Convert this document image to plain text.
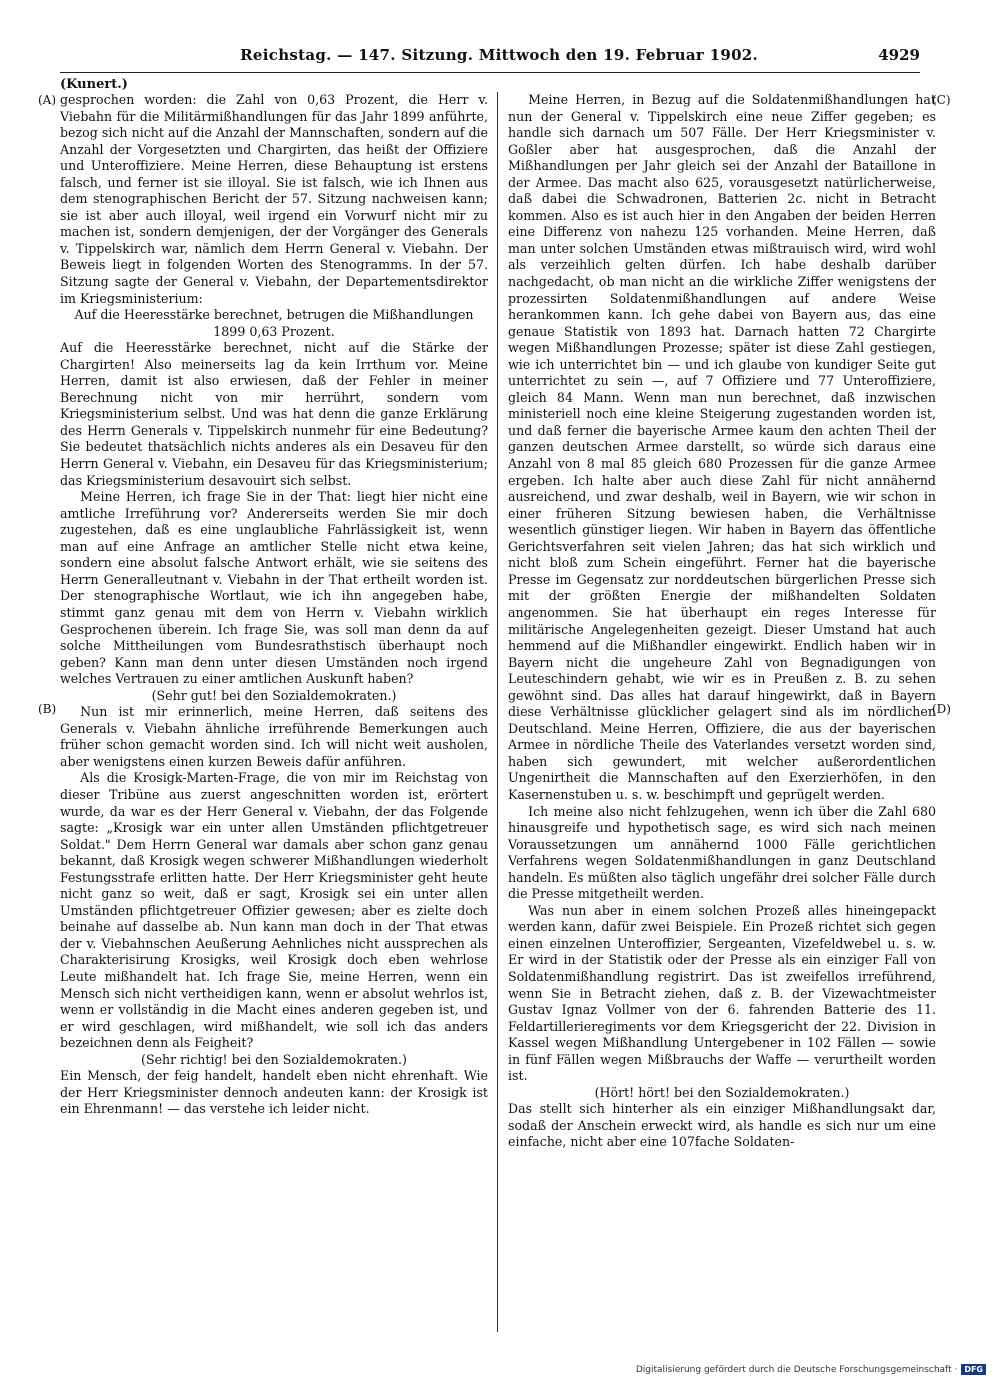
Reichstag. — 147. Sitzung. Mittwoch den 19. Februar 1902.	4929
(Kunert.)
(A)
(B)
(C)
(D)

gesprochen worden: die Zahl von 0,63 Prozent, die Herr v. Viebahn für die Militärmißhandlungen für das Jahr 1899 anführte, bezog sich nicht auf die Anzahl der Mannschaften, sondern auf die Anzahl der Vorgesetzten und Chargirten, das heißt der Offiziere und Unteroffiziere. Meine Herren, diese Behauptung ist erstens falsch, und ferner ist sie illoyal. Sie ist falsch, wie ich Ihnen aus dem stenographischen Bericht der 57. Sitzung nachweisen kann; sie ist aber auch illoyal, weil irgend ein Vorwurf nicht mir zu machen ist, sondern demjenigen, der der Vorgänger des Generals v. Tippelskirch war, nämlich dem Herrn General v. Viebahn. Der Beweis liegt in folgenden Worten des Stenogramms. In der 57. Sitzung sagte der General v. Viebahn, der Departementsdirektor im Kriegsministerium:

Auf die Heeresstärke berechnet, betrugen die Mißhandlungen 1899 0,63 Prozent.

Auf die Heeresstärke berechnet, nicht auf die Stärke der Chargirten! Also meinerseits lag da kein Irrthum vor. Meine Herren, damit ist also erwiesen, daß der Fehler in meiner Berechnung nicht von mir herrührt, sondern vom Kriegsministerium selbst. Und was hat denn die ganze Erklärung des Herrn Generals v. Tippelskirch nunmehr für eine Bedeutung? Sie bedeutet thatsächlich nichts anderes als ein Desaveu für den Herrn General v. Viebahn, ein Desaveu für das Kriegsministerium; das Kriegsministerium desavouirt sich selbst.

Meine Herren, ich frage Sie in der That: liegt hier nicht eine amtliche Irreführung vor? Andererseits werden Sie mir doch zugestehen, daß es eine unglaubliche Fahrlässigkeit ist, wenn man auf eine Anfrage an amtlicher Stelle nicht etwa keine, sondern eine absolut falsche Antwort erhält, wie sie seitens des Herrn Generalleutnant v. Viebahn in der That ertheilt worden ist. Der stenographische Wortlaut, wie ich ihn angegeben habe, stimmt ganz genau mit dem von Herrn v. Viebahn wirklich Gesprochenen überein. Ich frage Sie, was soll man denn da auf solche Mittheilungen vom Bundesrathstisch überhaupt noch geben? Kann man denn unter diesen Umständen noch irgend welches Vertrauen zu einer amtlichen Auskunft haben?

(Sehr gut! bei den Sozialdemokraten.)

Nun ist mir erinnerlich, meine Herren, daß seitens des Generals v. Viebahn ähnliche irreführende Bemerkungen auch früher schon gemacht worden sind. Ich will nicht weit ausholen, aber wenigstens einen kurzen Beweis dafür anführen.

Als die Krosigk-Marten-Frage, die von mir im Reichstag von dieser Tribüne aus zuerst angeschnitten worden ist, erörtert wurde, da war es der Herr General v. Viebahn, der das Folgende sagte: „Krosigk war ein unter allen Umständen pflichtgetreuer Soldat." Dem Herrn General war damals aber schon ganz genau bekannt, daß Krosigk wegen schwerer Mißhandlungen wiederholt Festungsstrafe erlitten hatte. Der Herr Kriegsminister geht heute nicht ganz so weit, daß er sagt, Krosigk sei ein unter allen Umständen pflichtgetreuer Offizier gewesen; aber es zielte doch beinahe auf dasselbe ab. Nun kann man doch in der That etwas der v. Viebahnschen Aeußerung Aehnliches nicht aussprechen als Charakterisirung Krosigks, weil Krosigk doch eben wehrlose Leute mißhandelt hat. Ich frage Sie, meine Herren, wenn ein Mensch sich nicht vertheidigen kann, wenn er absolut wehrlos ist, wenn er vollständig in die Macht eines anderen gegeben ist, und er wird geschlagen, wird mißhandelt, wie soll ich das anders bezeichnen denn als Feigheit?

(Sehr richtig! bei den Sozialdemokraten.)

Ein Mensch, der feig handelt, handelt eben nicht ehrenhaft. Wie der Herr Kriegsminister dennoch andeuten kann: der Krosigk ist ein Ehrenmann! — das verstehe ich leider nicht.

Meine Herren, in Bezug auf die Soldatenmißhandlungen hat nun der General v. Tippelskirch eine neue Ziffer gegeben; es handle sich darnach um 507 Fälle. Der Herr Kriegsminister v. Goßler aber hat ausgesprochen, daß die Anzahl der Mißhandlungen per Jahr gleich sei der Anzahl der Bataillone in der Armee. Das macht also 625, vorausgesetzt natürlicherweise, daß dabei die Schwadronen, Batterien 2c. nicht in Betracht kommen. Also es ist auch hier in den Angaben der beiden Herren eine Differenz von nahezu 125 vorhanden. Meine Herren, daß man unter solchen Umständen etwas mißtrauisch wird, wird wohl als verzeihlich gelten dürfen. Ich habe deshalb darüber nachgedacht, ob man nicht an die wirkliche Ziffer wenigstens der prozessirten Soldatenmißhandlungen auf andere Weise herankommen kann. Ich gehe dabei von Bayern aus, das eine genaue Statistik von 1893 hat. Darnach hatten 72 Chargirte wegen Mißhandlungen Prozesse; später ist diese Zahl gestiegen, wie ich unterrichtet bin — und ich glaube von kundiger Seite gut unterrichtet zu sein —, auf 7 Offiziere und 77 Unteroffiziere, gleich 84 Mann. Wenn man nun berechnet, daß inzwischen ministeriell noch eine kleine Steigerung zugestanden worden ist, und daß ferner die bayerische Armee kaum den achten Theil der ganzen deutschen Armee darstellt, so würde sich daraus eine Anzahl von 8 mal 85 gleich 680 Prozessen für die ganze Armee ergeben. Ich halte aber auch diese Zahl für nicht annähernd ausreichend, und zwar deshalb, weil in Bayern, wie wir schon in einer früheren Sitzung bewiesen haben, die Verhältnisse wesentlich günstiger liegen. Wir haben in Bayern das öffentliche Gerichtsverfahren seit vielen Jahren; das hat sich wirklich und nicht bloß zum Schein eingeführt. Ferner hat die bayerische Presse im Gegensatz zur norddeutschen bürgerlichen Presse sich mit der größten Energie der mißhandelten Soldaten angenommen. Sie hat überhaupt ein reges Interesse für militärische Angelegenheiten gezeigt. Dieser Umstand hat auch hemmend auf die Mißhandler eingewirkt. Endlich haben wir in Bayern nicht die ungeheure Zahl von Begnadigungen von Leuteschindern gehabt, wie wir es in Preußen z. B. zu sehen gewöhnt sind. Das alles hat darauf hingewirkt, daß in Bayern diese Verhältnisse glücklicher gelagert sind als im nördlichen Deutschland. Meine Herren, Offiziere, die aus der bayerischen Armee in nördliche Theile des Vaterlandes versetzt worden sind, haben sich gewundert, mit welcher außerordentlichen Ungenirtheit die Mannschaften auf den Exerzierhöfen, in den Kasernenstuben u. s. w. beschimpft und geprügelt werden.

Ich meine also nicht fehlzugehen, wenn ich über die Zahl 680 hinausgreife und hypothetisch sage, es wird sich nach meinen Voraussetzungen um annähernd 1000 Fälle gerichtlichen Verfahrens wegen Soldatenmißhandlungen in ganz Deutschland handeln. Es müßten also täglich ungefähr drei solcher Fälle durch die Presse mitgetheilt werden.

Was nun aber in einem solchen Prozeß alles hineingepackt werden kann, dafür zwei Beispiele. Ein Prozeß richtet sich gegen einen einzelnen Unteroffizier, Sergeanten, Vizefeldwebel u. s. w. Er wird in der Statistik oder der Presse als ein einziger Fall von Soldatenmißhandlung registrirt. Das ist zweifellos irreführend, wenn Sie in Betracht ziehen, daß z. B. der Vizewachtmeister Gustav Ignaz Vollmer von der 6. fahrenden Batterie des 11. Feldartillerieregiments vor dem Kriegsgericht der 22. Division in Kassel wegen Mißhandlung Untergebener in 102 Fällen — sowie in fünf Fällen wegen Mißbrauchs der Waffe — verurtheilt worden ist.

(Hört! hört! bei den Sozialdemokraten.)

Das stellt sich hinterher als ein einziger Mißhandlungsakt dar, sodaß der Anschein erweckt wird, als handle es sich nur um eine einfache, nicht aber eine 107fache Soldaten-

Digitalisierung gefördert durch die Deutsche Forschungsgemeinschaft · DFG
